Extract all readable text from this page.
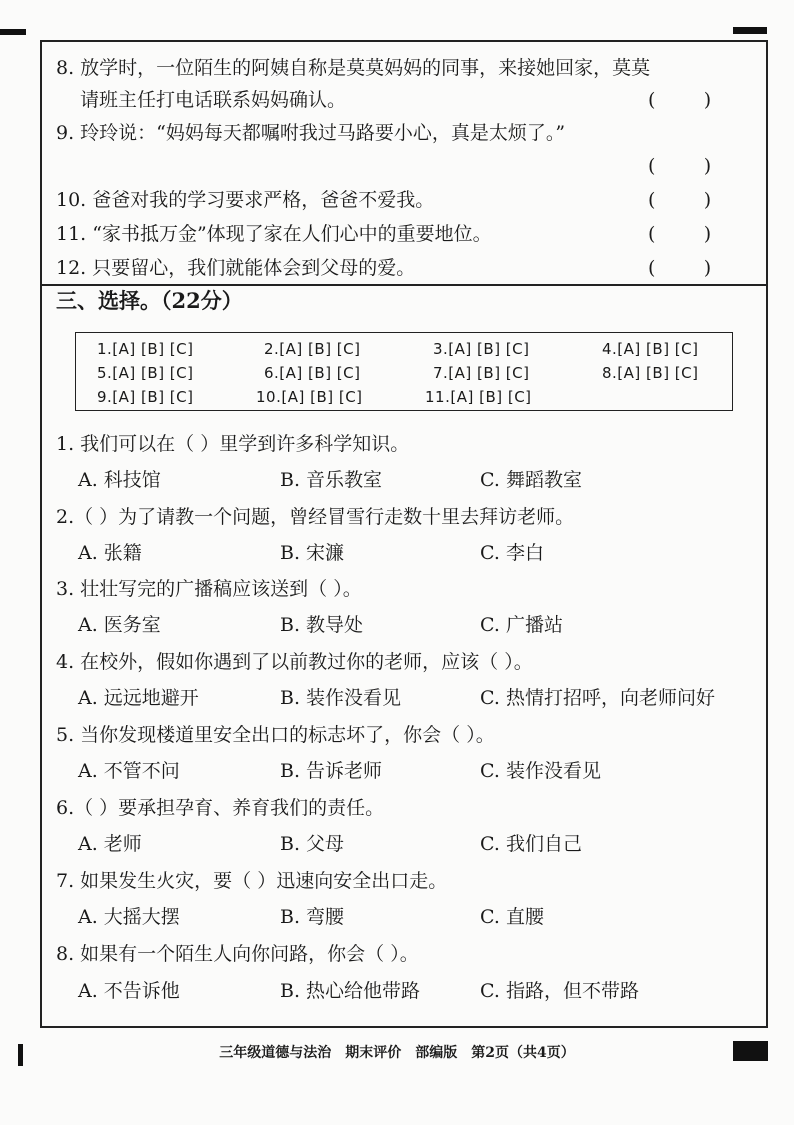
8. 放学时，一位陌生的阿姨自称是莫莫妈妈的同事，来接她回家，莫莫
请班主任打电话联系妈妈确认。	(        )
9. 玲玲说：“妈妈每天都嘱咐我过马路要小心，真是太烦了。”
(        )
10. 爸爸对我的学习要求严格，爸爸不爱我。	(        )
11. “家书抵万金”体现了家在人们心中的重要地位。	(        )
12. 只要留心，我们就能体会到父母的爱。	(        )
三、选择。（22分）
1.[A] [B] [C]	2.[A] [B] [C]	3.[A] [B] [C]	4.[A] [B] [C]
5.[A] [B] [C]	6.[A] [B] [C]	7.[A] [B] [C]	8.[A] [B] [C]
9.[A] [B] [C]	10.[A] [B] [C]	11.[A] [B] [C]
1. 我们可以在（ ）里学到许多科学知识。
A. 科技馆	B. 音乐教室	C. 舞蹈教室
2.（ ）为了请教一个问题，曾经冒雪行走数十里去拜访老师。
A. 张籍	B. 宋濂	C. 李白
3. 壮壮写完的广播稿应该送到（ ）。
A. 医务室	B. 教导处	C. 广播站
4. 在校外，假如你遇到了以前教过你的老师，应该（ ）。
A. 远远地避开	B. 装作没看见	C. 热情打招呼，向老师问好
5. 当你发现楼道里安全出口的标志坏了，你会（ ）。
A. 不管不问	B. 告诉老师	C. 装作没看见
6.（ ）要承担孕育、养育我们的责任。
A. 老师	B. 父母	C. 我们自己
7. 如果发生火灾，要（ ）迅速向安全出口走。
A. 大摇大摆	B. 弯腰	C. 直腰
8. 如果有一个陌生人向你问路，你会（ ）。
A. 不告诉他	B. 热心给他带路	C. 指路，但不带路
三年级道德与法治　期末评价　部编版　第2页（共4页）
